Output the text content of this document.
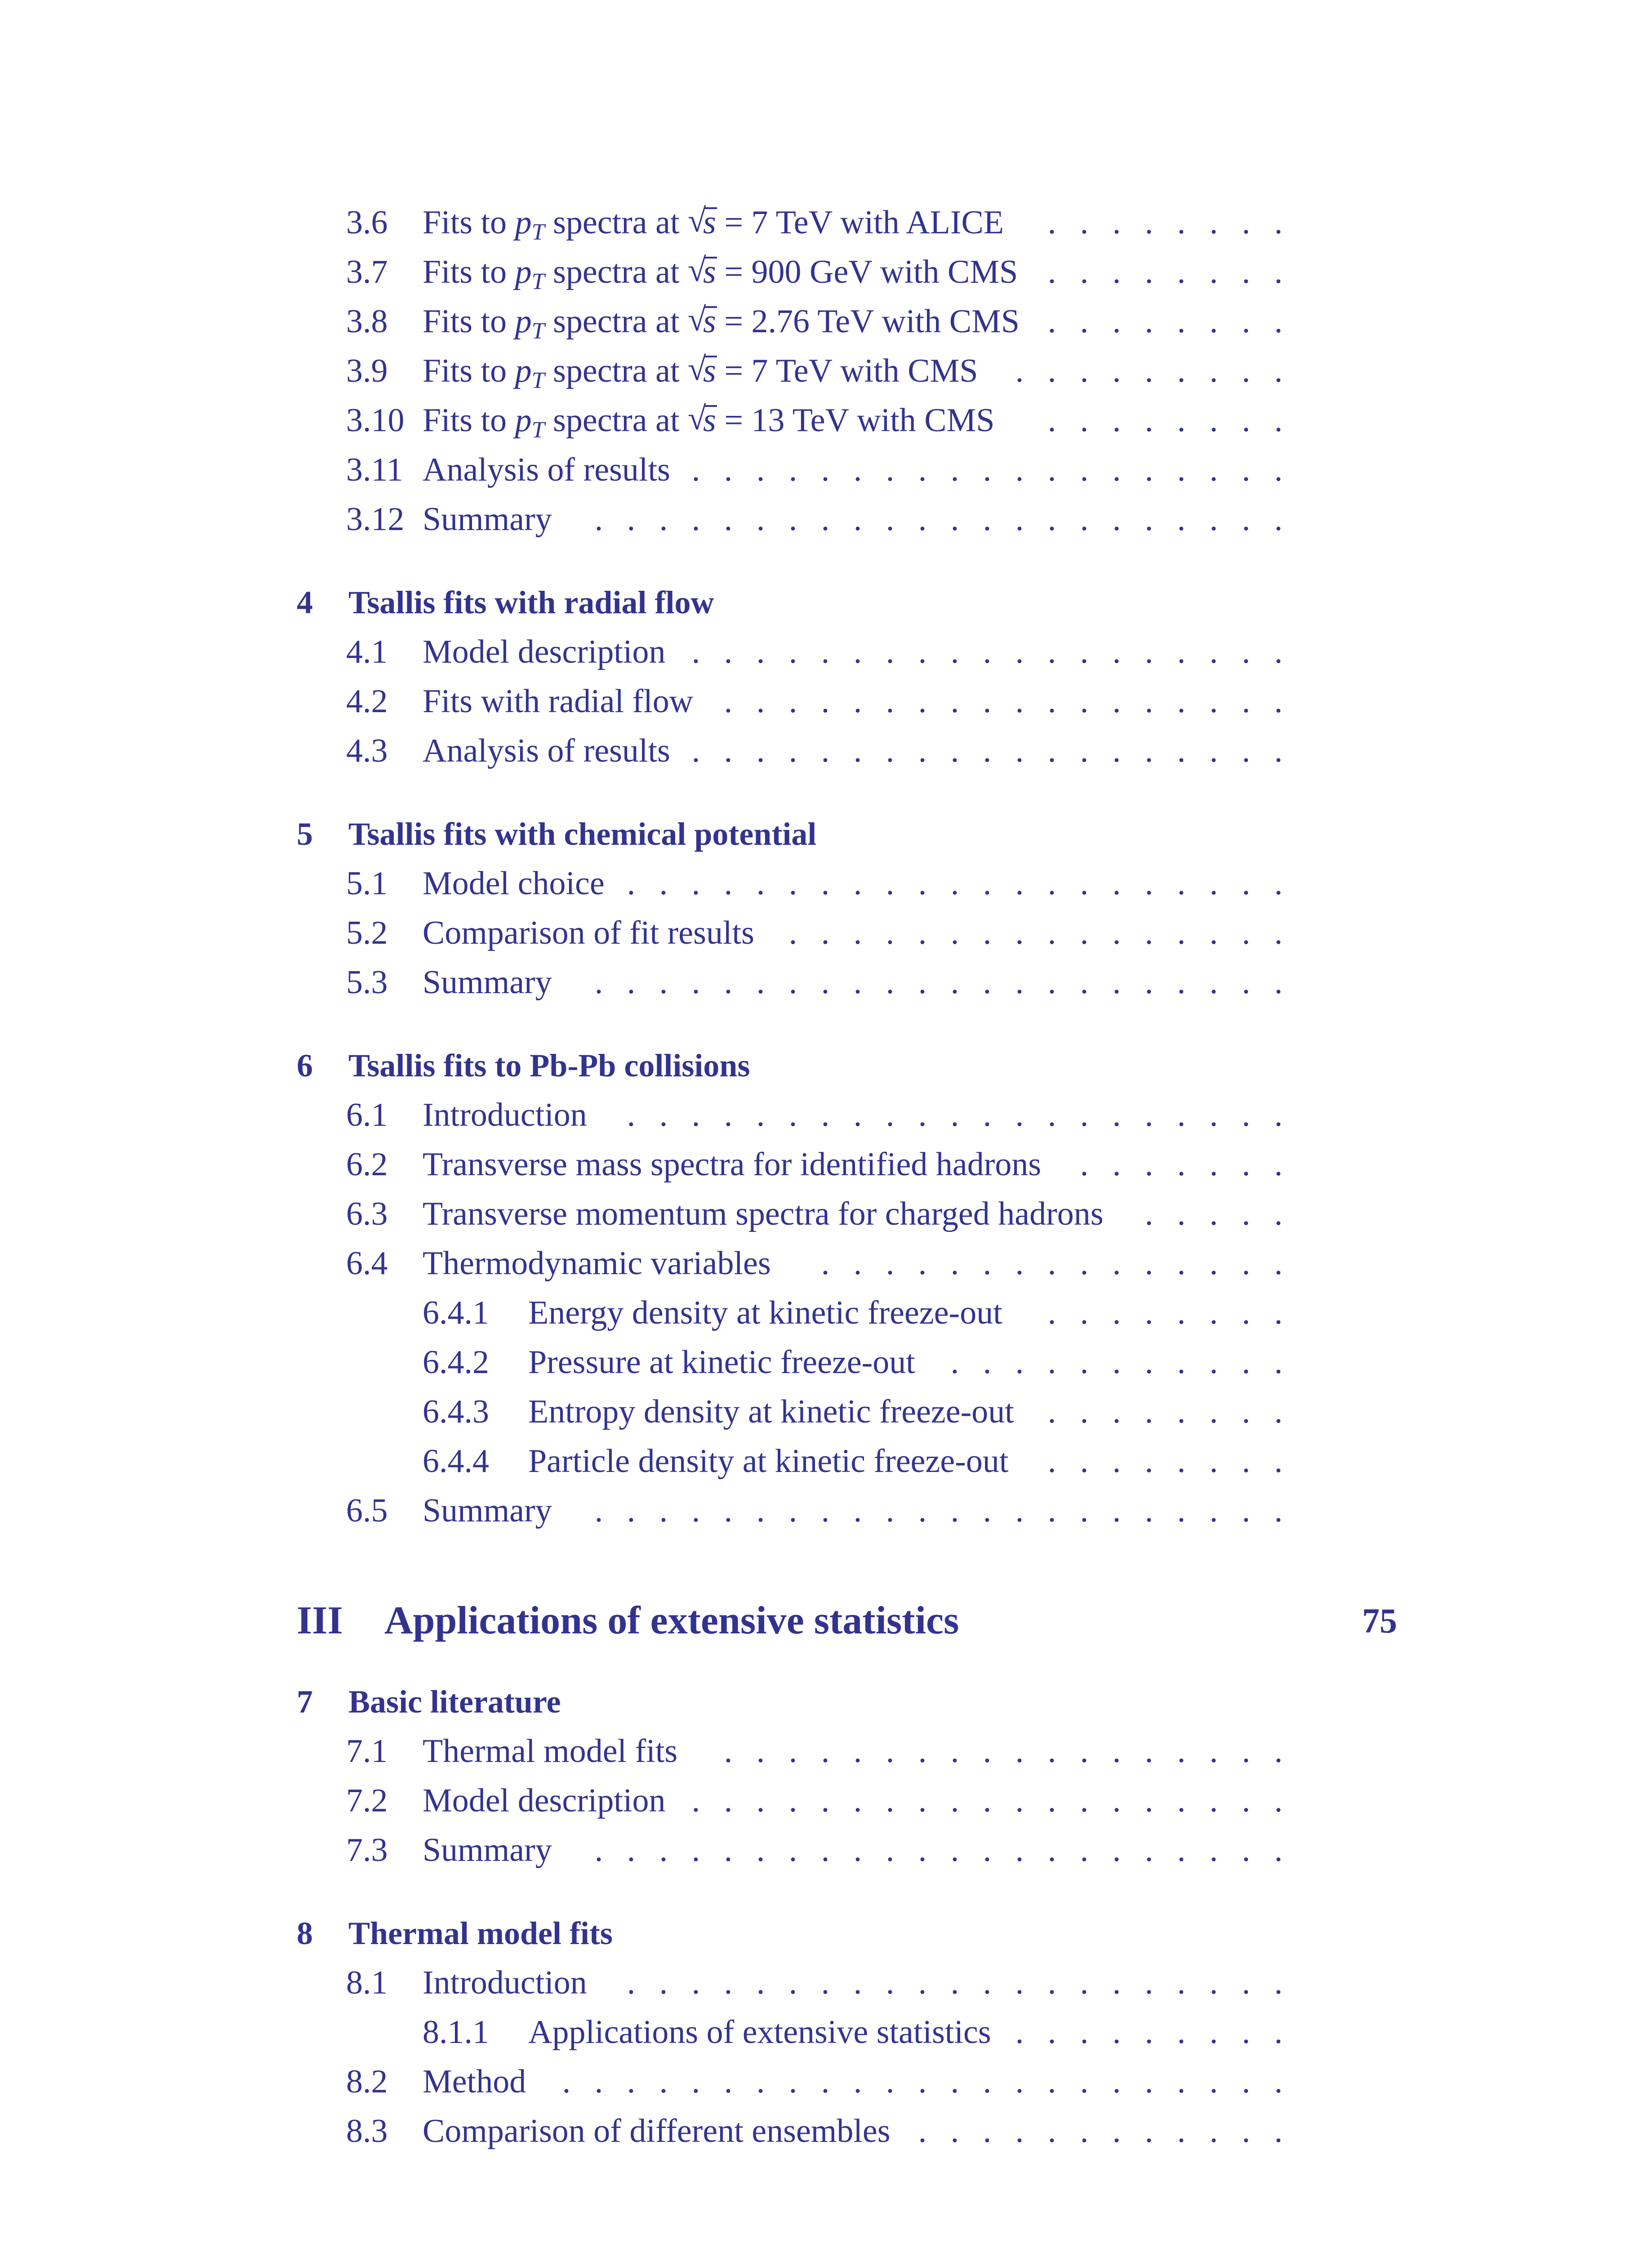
3.6 Fits to $p_T$ spectra at √ s = 7 TeV with ALICE	. . . . . . . .
3.7 Fits to $p_T$ spectra at √ s = 900 GeV with CMS . . . . . . . .
3.8 Fits to $p_T$ spectra at √ s = 2.76 TeV with CMS . . . . . . . .
3.9 Fits to $p_T$ spectra at √ s = 7 TeV with CMS	. . . . . . . . .
3.10 Fits to $p_T$ spectra at √ s = 13 TeV with CMS	. . . . . . . .
3.11 Analysis of results . . . . . . . . . . . . . . . . . . .
3.12 Summary	. . . . . . . . . . . . . . . . . . . . . .
4 Tsallis fits with radial flow
4.1 Model description . . . . . . . . . . . . . . . . . . .
4.2 Fits with radial flow . . . . . . . . . . . . . . . . . .
4.3 Analysis of results . . . . . . . . . . . . . . . . . . .
5 Tsallis fits with chemical potential
5.1 Model choice . . . . . . . . . . . . . . . . . . . . .
5.2 Comparison of fit results	. . . . . . . . . . . . . . . .
5.3 Summary	. . . . . . . . . . . . . . . . . . . . . .
6 Tsallis fits to Pb-Pb collisions
6.1 Introduction	. . . . . . . . . . . . . . . . . . . . .
6.2 Transverse mass spectra for identified hadrons	. . . . . . .
6.3 Transverse momentum spectra for charged hadrons	. . . . .
6.4 Thermodynamic variables	. . . . . . . . . . . . . . .
6.4.1 Energy density at kinetic freeze-out	. . . . . . . .
6.4.2 Pressure at kinetic freeze-out	. . . . . . . . . . .
6.4.3 Entropy density at kinetic freeze-out	. . . . . . . .
6.4.4 Particle density at kinetic freeze-out	. . . . . . . .
6.5 Summary	. . . . . . . . . . . . . . . . . . . . . .
III Applications of extensive statistics	75
7 Basic literature
7.1 Thermal model fits	. . . . . . . . . . . . . . . . . .
7.2 Model description . . . . . . . . . . . . . . . . . . .
7.3 Summary	. . . . . . . . . . . . . . . . . . . . . .
8 Thermal model fits
8.1 Introduction	. . . . . . . . . . . . . . . . . . . . .
8.1.1 Applications of extensive statistics . . . . . . . . .
8.2 Method	. . . . . . . . . . . . . . . . . . . . . . .
8.3 Comparison of different ensembles . . . . . . . . . . . .
